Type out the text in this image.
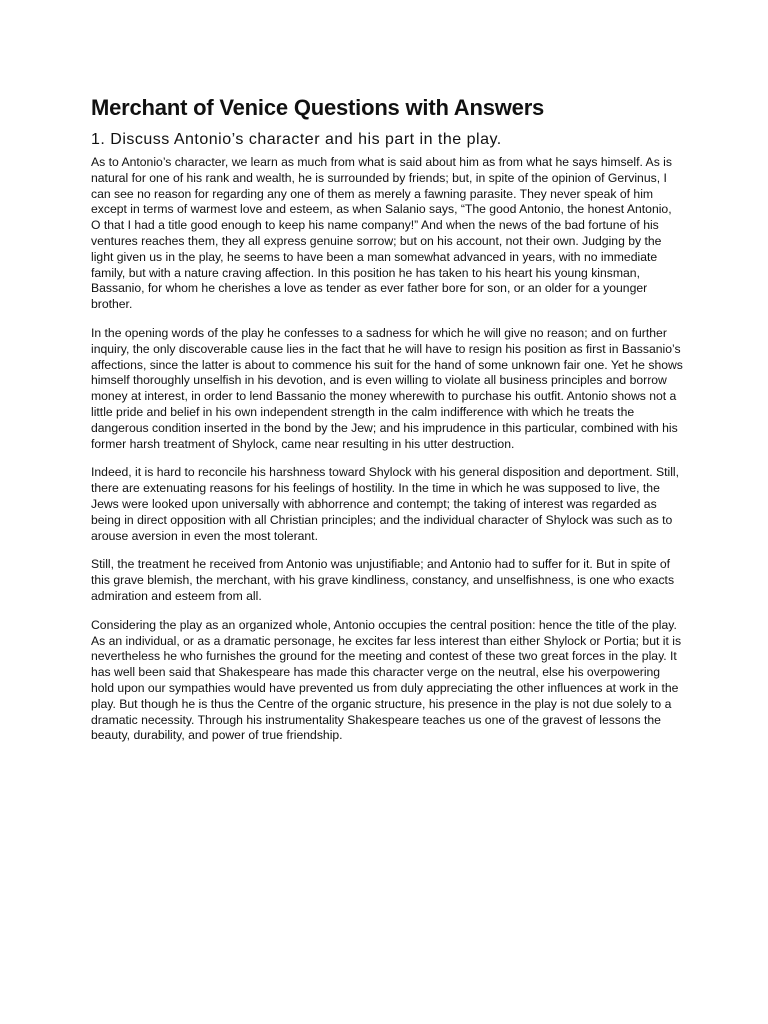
Merchant of Venice Questions with Answers
1. Discuss Antonio’s character and his part in the play.

As to Antonio’s character, we learn as much from what is said about him as from what he says himself. As is natural for one of his rank and wealth, he is surrounded by friends; but, in spite of the opinion of Gervinus, I can see no reason for regarding any one of them as merely a fawning parasite. They never speak of him except in terms of warmest love and esteem, as when Salanio says, “The good Antonio, the honest Antonio, O that I had a title good enough to keep his name company!” And when the news of the bad fortune of his ventures reaches them, they all express genuine sorrow; but on his account, not their own. Judging by the light given us in the play, he seems to have been a man somewhat advanced in years, with no immediate family, but with a nature craving affection. In this position he has taken to his heart his young kinsman, Bassanio, for whom he cherishes a love as tender as ever father bore for son, or an older for a younger brother.

In the opening words of the play he confesses to a sadness for which he will give no reason; and on further inquiry, the only discoverable cause lies in the fact that he will have to resign his position as first in Bassanio’s affections, since the latter is about to commence his suit for the hand of some unknown fair one. Yet he shows himself thoroughly unselfish in his devotion, and is even willing to violate all business principles and borrow money at interest, in order to lend Bassanio the money wherewith to purchase his outfit. Antonio shows not a little pride and belief in his own independent strength in the calm indifference with which he treats the dangerous condition inserted in the bond by the Jew; and his imprudence in this particular, combined with his former harsh treatment of Shylock, came near resulting in his utter destruction.

Indeed, it is hard to reconcile his harshness toward Shylock with his general disposition and deportment. Still, there are extenuating reasons for his feelings of hostility. In the time in which he was supposed to live, the Jews were looked upon universally with abhorrence and contempt; the taking of interest was regarded as being in direct opposition with all Christian principles; and the individual character of Shylock was such as to arouse aversion in even the most tolerant.

Still, the treatment he received from Antonio was unjustifiable; and Antonio had to suffer for it. But in spite of this grave blemish, the merchant, with his grave kindliness, constancy, and unselfishness, is one who exacts admiration and esteem from all.

Considering the play as an organized whole, Antonio occupies the central position: hence the title of the play. As an individual, or as a dramatic personage, he excites far less interest than either Shylock or Portia; but it is nevertheless he who furnishes the ground for the meeting and contest of these two great forces in the play. It has well been said that Shakespeare has made this character verge on the neutral, else his overpowering hold upon our sympathies would have prevented us from duly appreciating the other influences at work in the play. But though he is thus the Centre of the organic structure, his presence in the play is not due solely to a dramatic necessity. Through his instrumentality Shakespeare teaches us one of the gravest of lessons the beauty, durability, and power of true friendship.
